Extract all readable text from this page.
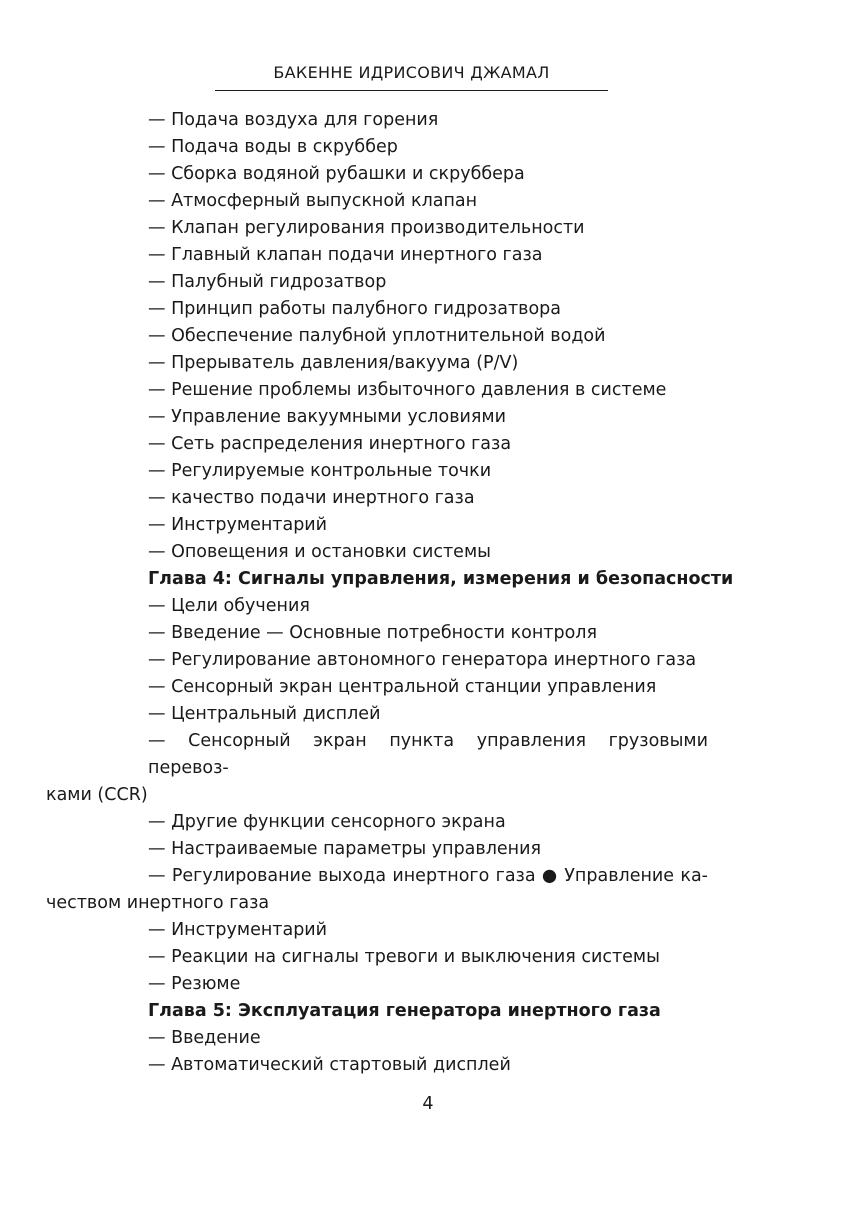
БАКЕННЕ ИДРИСОВИЧ ДЖАМАЛ
— Подача воздуха для горения
— Подача воды в скруббер
— Сборка водяной рубашки и скруббера
— Атмосферный выпускной клапан
— Клапан регулирования производительности
— Главный клапан подачи инертного газа
— Палубный гидрозатвор
— Принцип работы палубного гидрозатвора
— Обеспечение палубной уплотнительной водой
— Прерыватель давления/вакуума (P/V)
— Решение проблемы избыточного давления в системе
— Управление вакуумными условиями
— Сеть распределения инертного газа
— Регулируемые контрольные точки
— качество подачи инертного газа
— Инструментарий
— Оповещения и остановки системы
Глава 4: Сигналы управления, измерения и безопасности
— Цели обучения
— Введение — Основные потребности контроля
— Регулирование автономного генератора инертного газа
— Сенсорный экран центральной станции управления
— Центральный дисплей
— Сенсорный экран пункта управления грузовыми перевоз-
ками (CCR)
— Другие функции сенсорного экрана
— Настраиваемые параметры управления
— Регулирование выхода инертного газа ● Управление ка-
чеством инертного газа
— Инструментарий
— Реакции на сигналы тревоги и выключения системы
— Резюме
Глава 5: Эксплуатация генератора инертного газа
— Введение
— Автоматический стартовый дисплей
4
